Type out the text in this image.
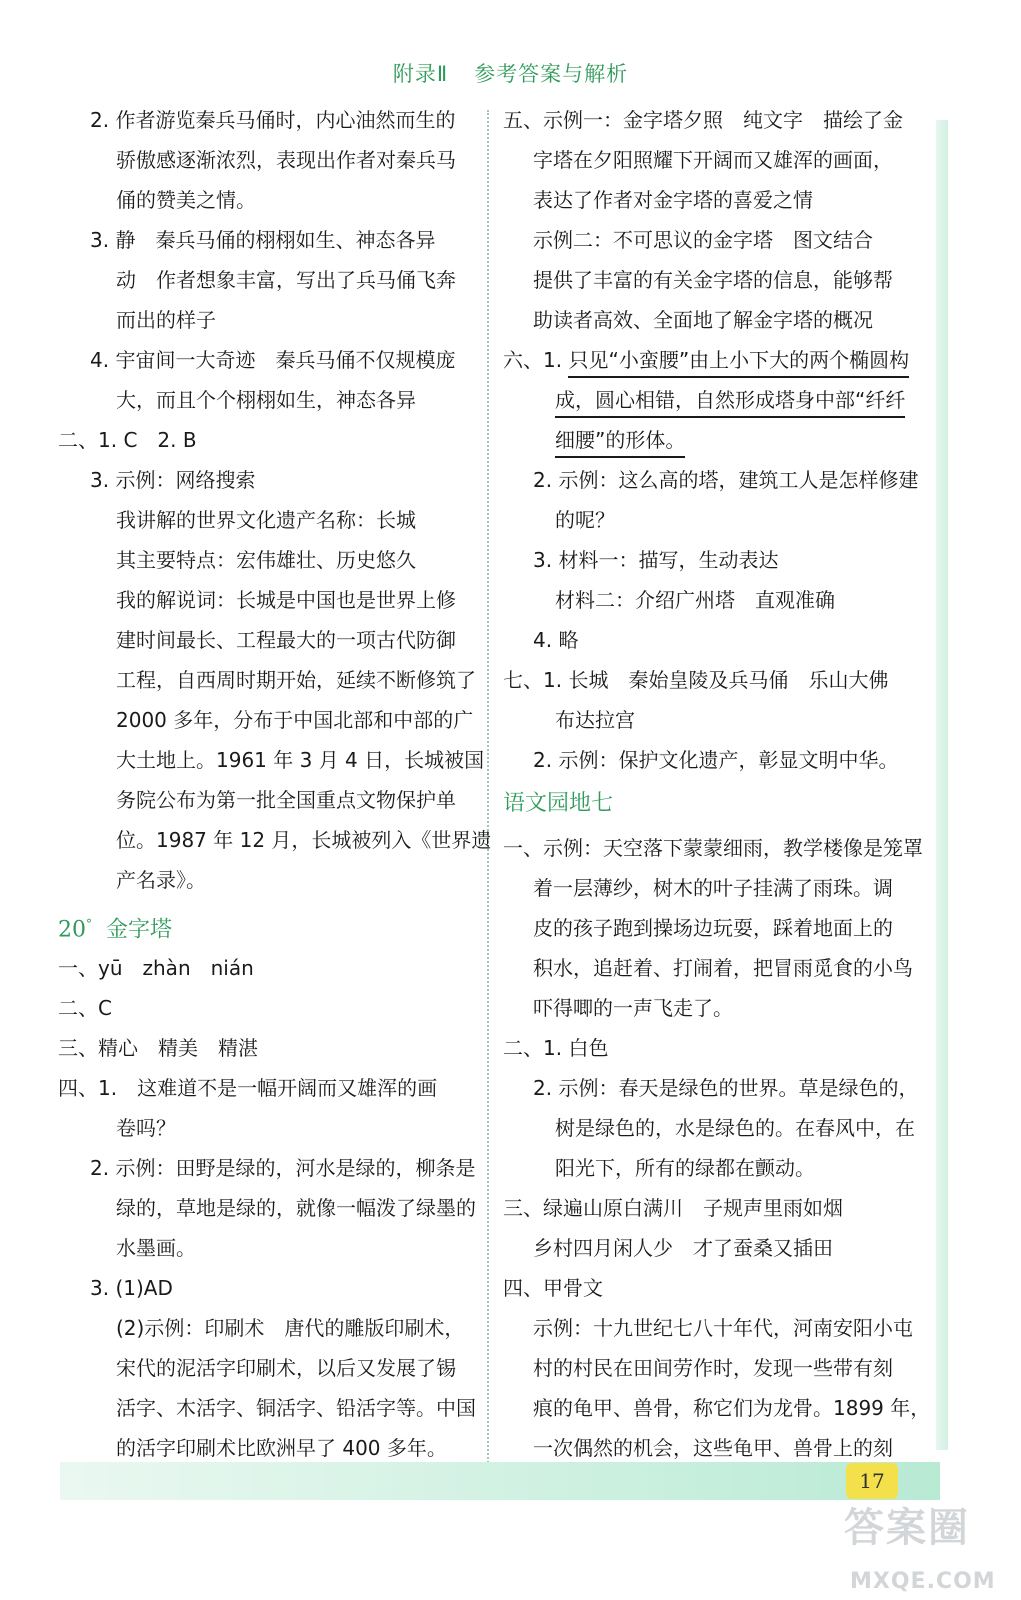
附录Ⅱ 参考答案与解析
2. 作者游览秦兵马俑时，内心油然而生的
骄傲感逐渐浓烈，表现出作者对秦兵马
俑的赞美之情。
3. 静　秦兵马俑的栩栩如生、神态各异
动　作者想象丰富，写出了兵马俑飞奔
而出的样子
4. 宇宙间一大奇迹　秦兵马俑不仅规模庞
大，而且个个栩栩如生，神态各异
二、1. C　2. B
3. 示例：网络搜索
我讲解的世界文化遗产名称：长城
其主要特点：宏伟雄壮、历史悠久
我的解说词：长城是中国也是世界上修
建时间最长、工程最大的一项古代防御
工程，自西周时期开始，延续不断修筑了
2000 多年，分布于中国北部和中部的广
大土地上。1961 年 3 月 4 日，长城被国
务院公布为第一批全国重点文物保护单
位。1987 年 12 月，长城被列入《世界遗
产名录》。
20° 金字塔
一、yū　zhàn　nián
二、C
三、精心　精美　精湛
四、1.　这难道不是一幅开阔而又雄浑的画
卷吗？
2. 示例：田野是绿的，河水是绿的，柳条是
绿的，草地是绿的，就像一幅泼了绿墨的
水墨画。
3. (1)AD
(2)示例：印刷术　唐代的雕版印刷术，
宋代的泥活字印刷术，以后又发展了锡
活字、木活字、铜活字、铅活字等。中国
的活字印刷术比欧洲早了 400 多年。
五、示例一：金字塔夕照　纯文字　描绘了金
字塔在夕阳照耀下开阔而又雄浑的画面，
表达了作者对金字塔的喜爱之情
示例二：不可思议的金字塔　图文结合
提供了丰富的有关金字塔的信息，能够帮
助读者高效、全面地了解金字塔的概况
六、1. 只见“小蛮腰”由上小下大的两个椭圆构
成，圆心相错，自然形成塔身中部“纤纤
细腰”的形体。
2. 示例：这么高的塔，建筑工人是怎样修建
的呢？
3. 材料一：描写，生动表达
材料二：介绍广州塔　直观准确
4. 略
七、1. 长城　秦始皇陵及兵马俑　乐山大佛
布达拉宫
2. 示例：保护文化遗产，彰显文明中华。
语文园地七
一、示例：天空落下蒙蒙细雨，教学楼像是笼罩
着一层薄纱，树木的叶子挂满了雨珠。调
皮的孩子跑到操场边玩耍，踩着地面上的
积水，追赶着、打闹着，把冒雨觅食的小鸟
吓得唧的一声飞走了。
二、1. 白色
2. 示例：春天是绿色的世界。草是绿色的，
树是绿色的，水是绿色的。在春风中，在
阳光下，所有的绿都在颤动。
三、绿遍山原白满川　子规声里雨如烟
乡村四月闲人少　才了蚕桑又插田
四、甲骨文
示例：十九世纪七八十年代，河南安阳小屯
村的村民在田间劳作时，发现一些带有刻
痕的龟甲、兽骨，称它们为龙骨。1899 年，
一次偶然的机会，这些龟甲、兽骨上的刻
17
答案圈
MXQE.COM
